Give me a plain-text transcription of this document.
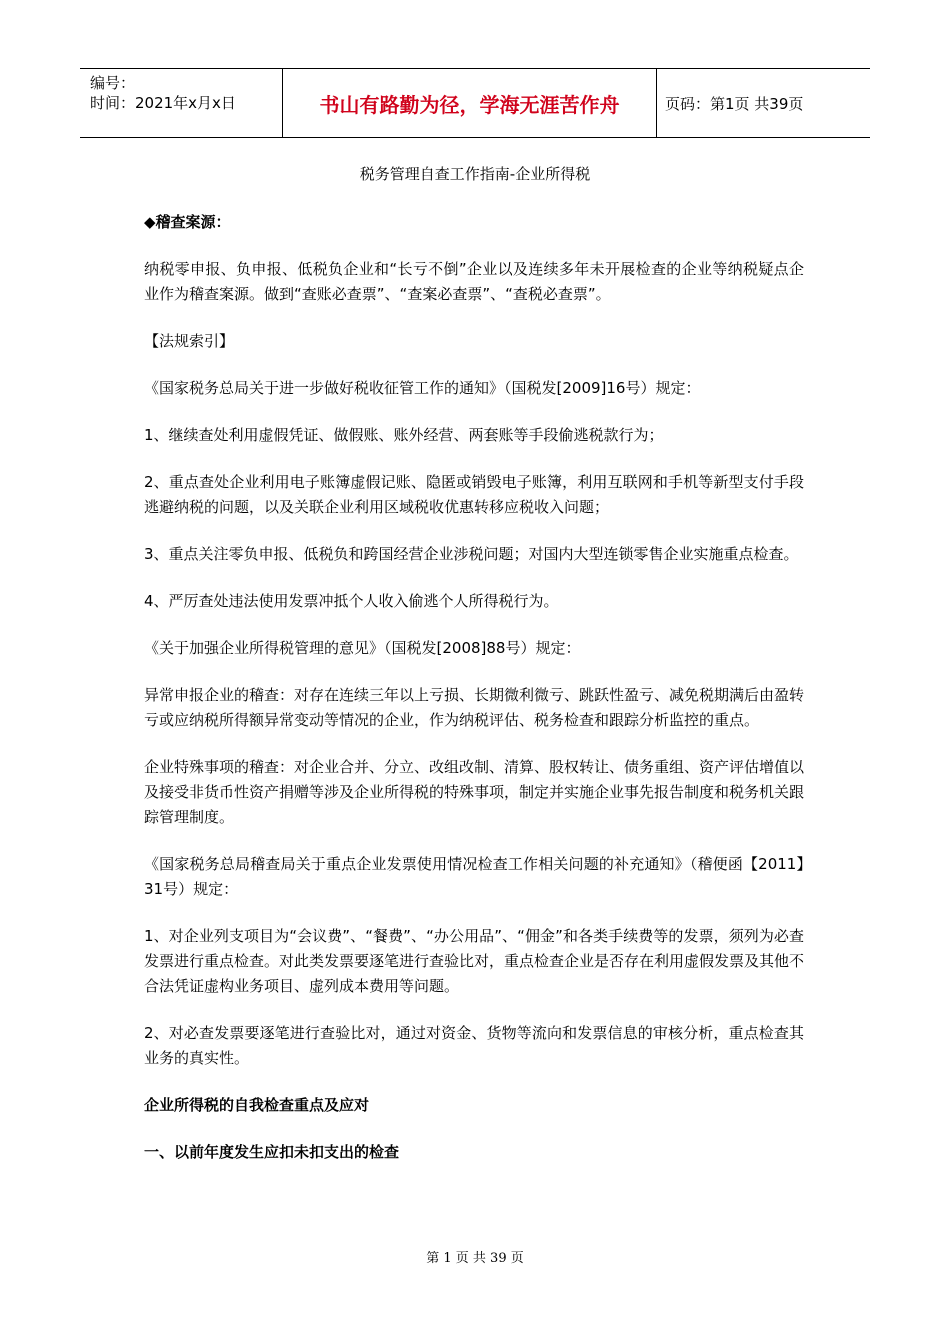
编号：
时间：2021年x月x日	书山有路勤为径，学海无涯苦作舟	页码：第1页 共39页
税务管理自查工作指南-企业所得税

◆稽查案源：

纳税零申报、负申报、低税负企业和“长亏不倒”企业以及连续多年未开展检查的企业等纳税疑点企业作为稽查案源。做到“查账必查票”、“查案必查票”、“查税必查票”。

【法规索引】

《国家税务总局关于进一步做好税收征管工作的通知》（国税发[2009]16号）规定：

1、继续查处利用虚假凭证、做假账、账外经营、两套账等手段偷逃税款行为；

2、重点查处企业利用电子账簿虚假记账、隐匿或销毁电子账簿，利用互联网和手机等新型支付手段逃避纳税的问题，以及关联企业利用区域税收优惠转移应税收入问题；

3、重点关注零负申报、低税负和跨国经营企业涉税问题；对国内大型连锁零售企业实施重点检查。

4、严厉查处违法使用发票冲抵个人收入偷逃个人所得税行为。

《关于加强企业所得税管理的意见》（国税发[2008]88号）规定：

异常申报企业的稽查：对存在连续三年以上亏损、长期微利微亏、跳跃性盈亏、减免税期满后由盈转亏或应纳税所得额异常变动等情况的企业，作为纳税评估、税务检查和跟踪分析监控的重点。

企业特殊事项的稽查：对企业合并、分立、改组改制、清算、股权转让、债务重组、资产评估增值以及接受非货币性资产捐赠等涉及企业所得税的特殊事项，制定并实施企业事先报告制度和税务机关跟踪管理制度。

《国家税务总局稽查局关于重点企业发票使用情况检查工作相关问题的补充通知》（稽便函【2011】31号）规定：

1、对企业列支项目为“会议费”、“餐费”、“办公用品”、“佣金”和各类手续费等的发票，须列为必查发票进行重点检查。对此类发票要逐笔进行查验比对，重点检查企业是否存在利用虚假发票及其他不合法凭证虚构业务项目、虚列成本费用等问题。

2、对必查发票要逐笔进行查验比对，通过对资金、货物等流向和发票信息的审核分析，重点检查其业务的真实性。

企业所得税的自我检查重点及应对

一、以前年度发生应扣未扣支出的检查

第 1 页 共 39 页
